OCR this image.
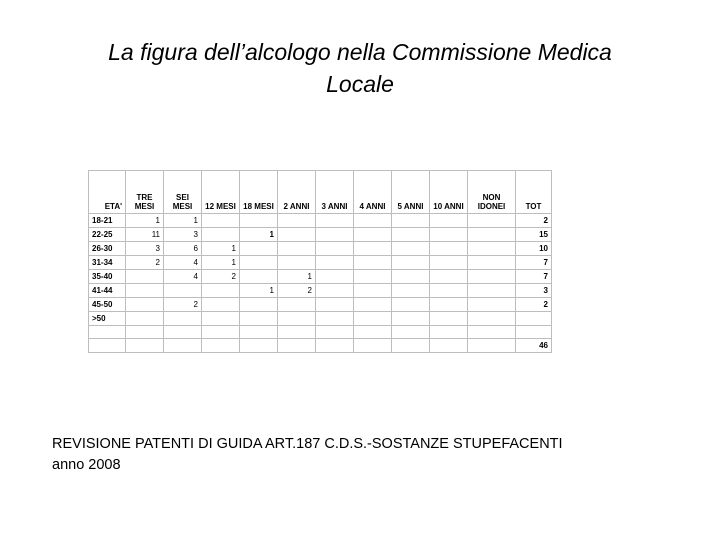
La figura dell’alcologo nella Commissione Medica
Locale
ETA'	TRE MESI	SEI MESI	12 MESI	18 MESI	2 ANNI	3 ANNI	4 ANNI	5 ANNI	10 ANNI	NON IDONEI	TOT
18-21	1	1									2
22-25	11	3		1							15
26-30	3	6	1								10
31-34	2	4	1								7
35-40		4	2		1						7
41-44				1	2						3
45-50		2									2
>50											

											46
REVISIONE PATENTI DI GUIDA ART.187 C.D.S.-SOSTANZE STUPEFACENTI
anno 2008
